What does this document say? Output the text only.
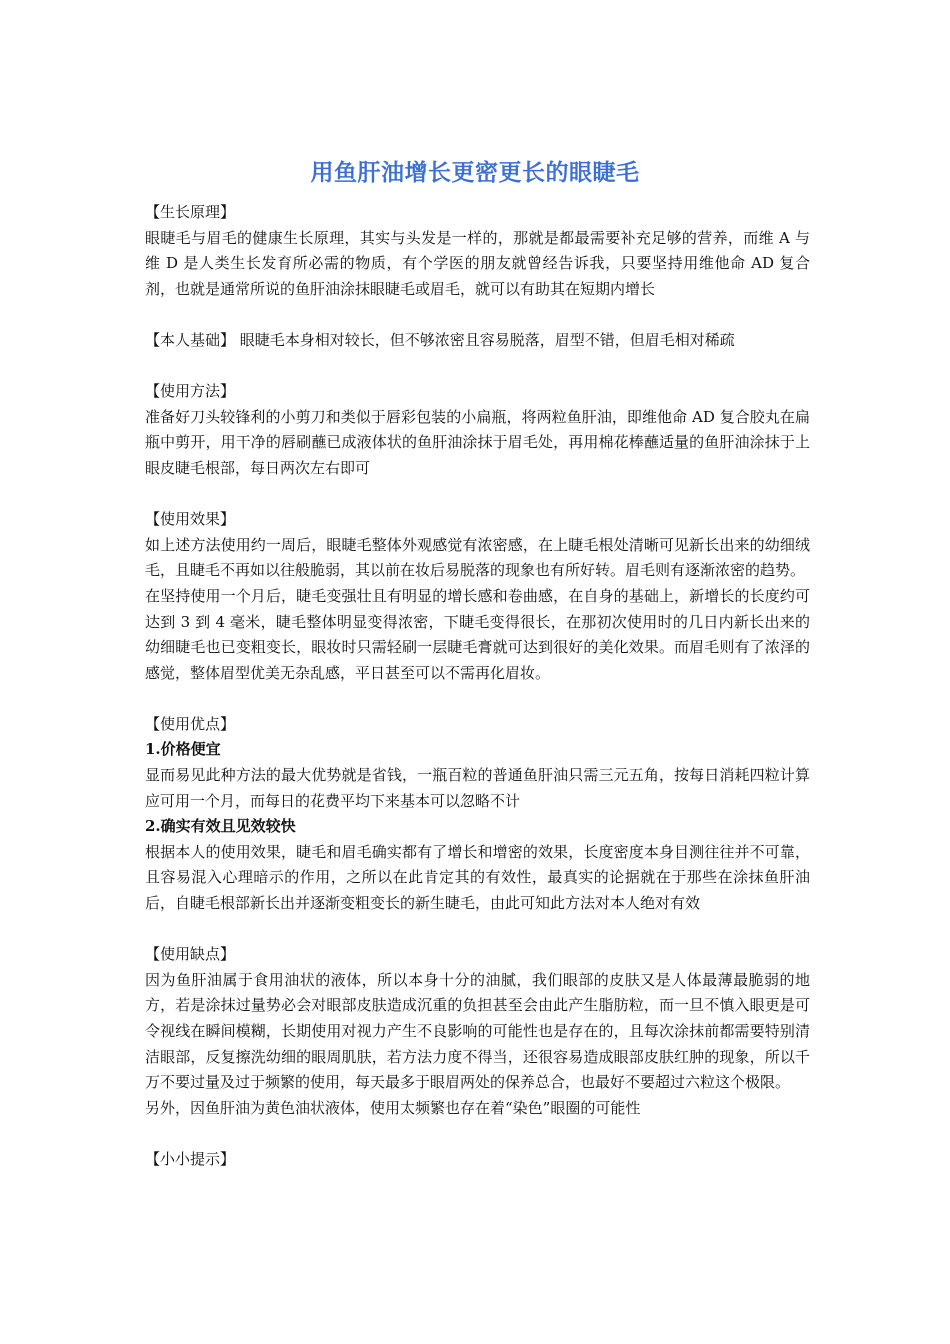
用鱼肝油增长更密更长的眼睫毛

【生长原理】

眼睫毛与眉毛的健康生长原理，其实与头发是一样的，那就是都最需要补充足够的营养，而维 A 与维 D 是人类生长发育所必需的物质，有个学医的朋友就曾经告诉我，只要坚持用维他命 AD 复合剂，也就是通常所说的鱼肝油涂抹眼睫毛或眉毛，就可以有助其在短期内增长

【本人基础】 眼睫毛本身相对较长，但不够浓密且容易脱落，眉型不错，但眉毛相对稀疏

【使用方法】

准备好刀头较锋利的小剪刀和类似于唇彩包装的小扁瓶，将两粒鱼肝油，即维他命 AD 复合胶丸在扁瓶中剪开，用干净的唇刷蘸已成液体状的鱼肝油涂抹于眉毛处，再用棉花棒蘸适量的鱼肝油涂抹于上眼皮睫毛根部，每日两次左右即可

【使用效果】

如上述方法使用约一周后，眼睫毛整体外观感觉有浓密感，在上睫毛根处清晰可见新长出来的幼细绒毛，且睫毛不再如以往般脆弱，其以前在妆后易脱落的现象也有所好转。眉毛则有逐渐浓密的趋势。

在坚持使用一个月后，睫毛变强壮且有明显的增长感和卷曲感，在自身的基础上，新增长的长度约可达到 3 到 4 毫米，睫毛整体明显变得浓密，下睫毛变得很长，在那初次使用时的几日内新长出来的幼细睫毛也已变粗变长，眼妆时只需轻刷一层睫毛膏就可达到很好的美化效果。而眉毛则有了浓泽的感觉，整体眉型优美无杂乱感，平日甚至可以不需再化眉妆。

【使用优点】

1.价格便宜

显而易见此种方法的最大优势就是省钱，一瓶百粒的普通鱼肝油只需三元五角，按每日消耗四粒计算应可用一个月，而每日的花费平均下来基本可以忽略不计

2.确实有效且见效较快

根据本人的使用效果，睫毛和眉毛确实都有了增长和增密的效果，长度密度本身目测往往并不可靠，且容易混入心理暗示的作用，之所以在此肯定其的有效性，最真实的论据就在于那些在涂抹鱼肝油后，自睫毛根部新长出并逐渐变粗变长的新生睫毛，由此可知此方法对本人绝对有效

【使用缺点】

因为鱼肝油属于食用油状的液体，所以本身十分的油腻，我们眼部的皮肤又是人体最薄最脆弱的地方，若是涂抹过量势必会对眼部皮肤造成沉重的负担甚至会由此产生脂肪粒，而一旦不慎入眼更是可令视线在瞬间模糊，长期使用对视力产生不良影响的可能性也是存在的，且每次涂抹前都需要特别清洁眼部，反复擦洗幼细的眼周肌肤，若方法力度不得当，还很容易造成眼部皮肤红肿的现象，所以千万不要过量及过于频繁的使用，每天最多于眼眉两处的保养总合，也最好不要超过六粒这个极限。

另外，因鱼肝油为黄色油状液体，使用太频繁也存在着“染色”眼圈的可能性

【小小提示】
